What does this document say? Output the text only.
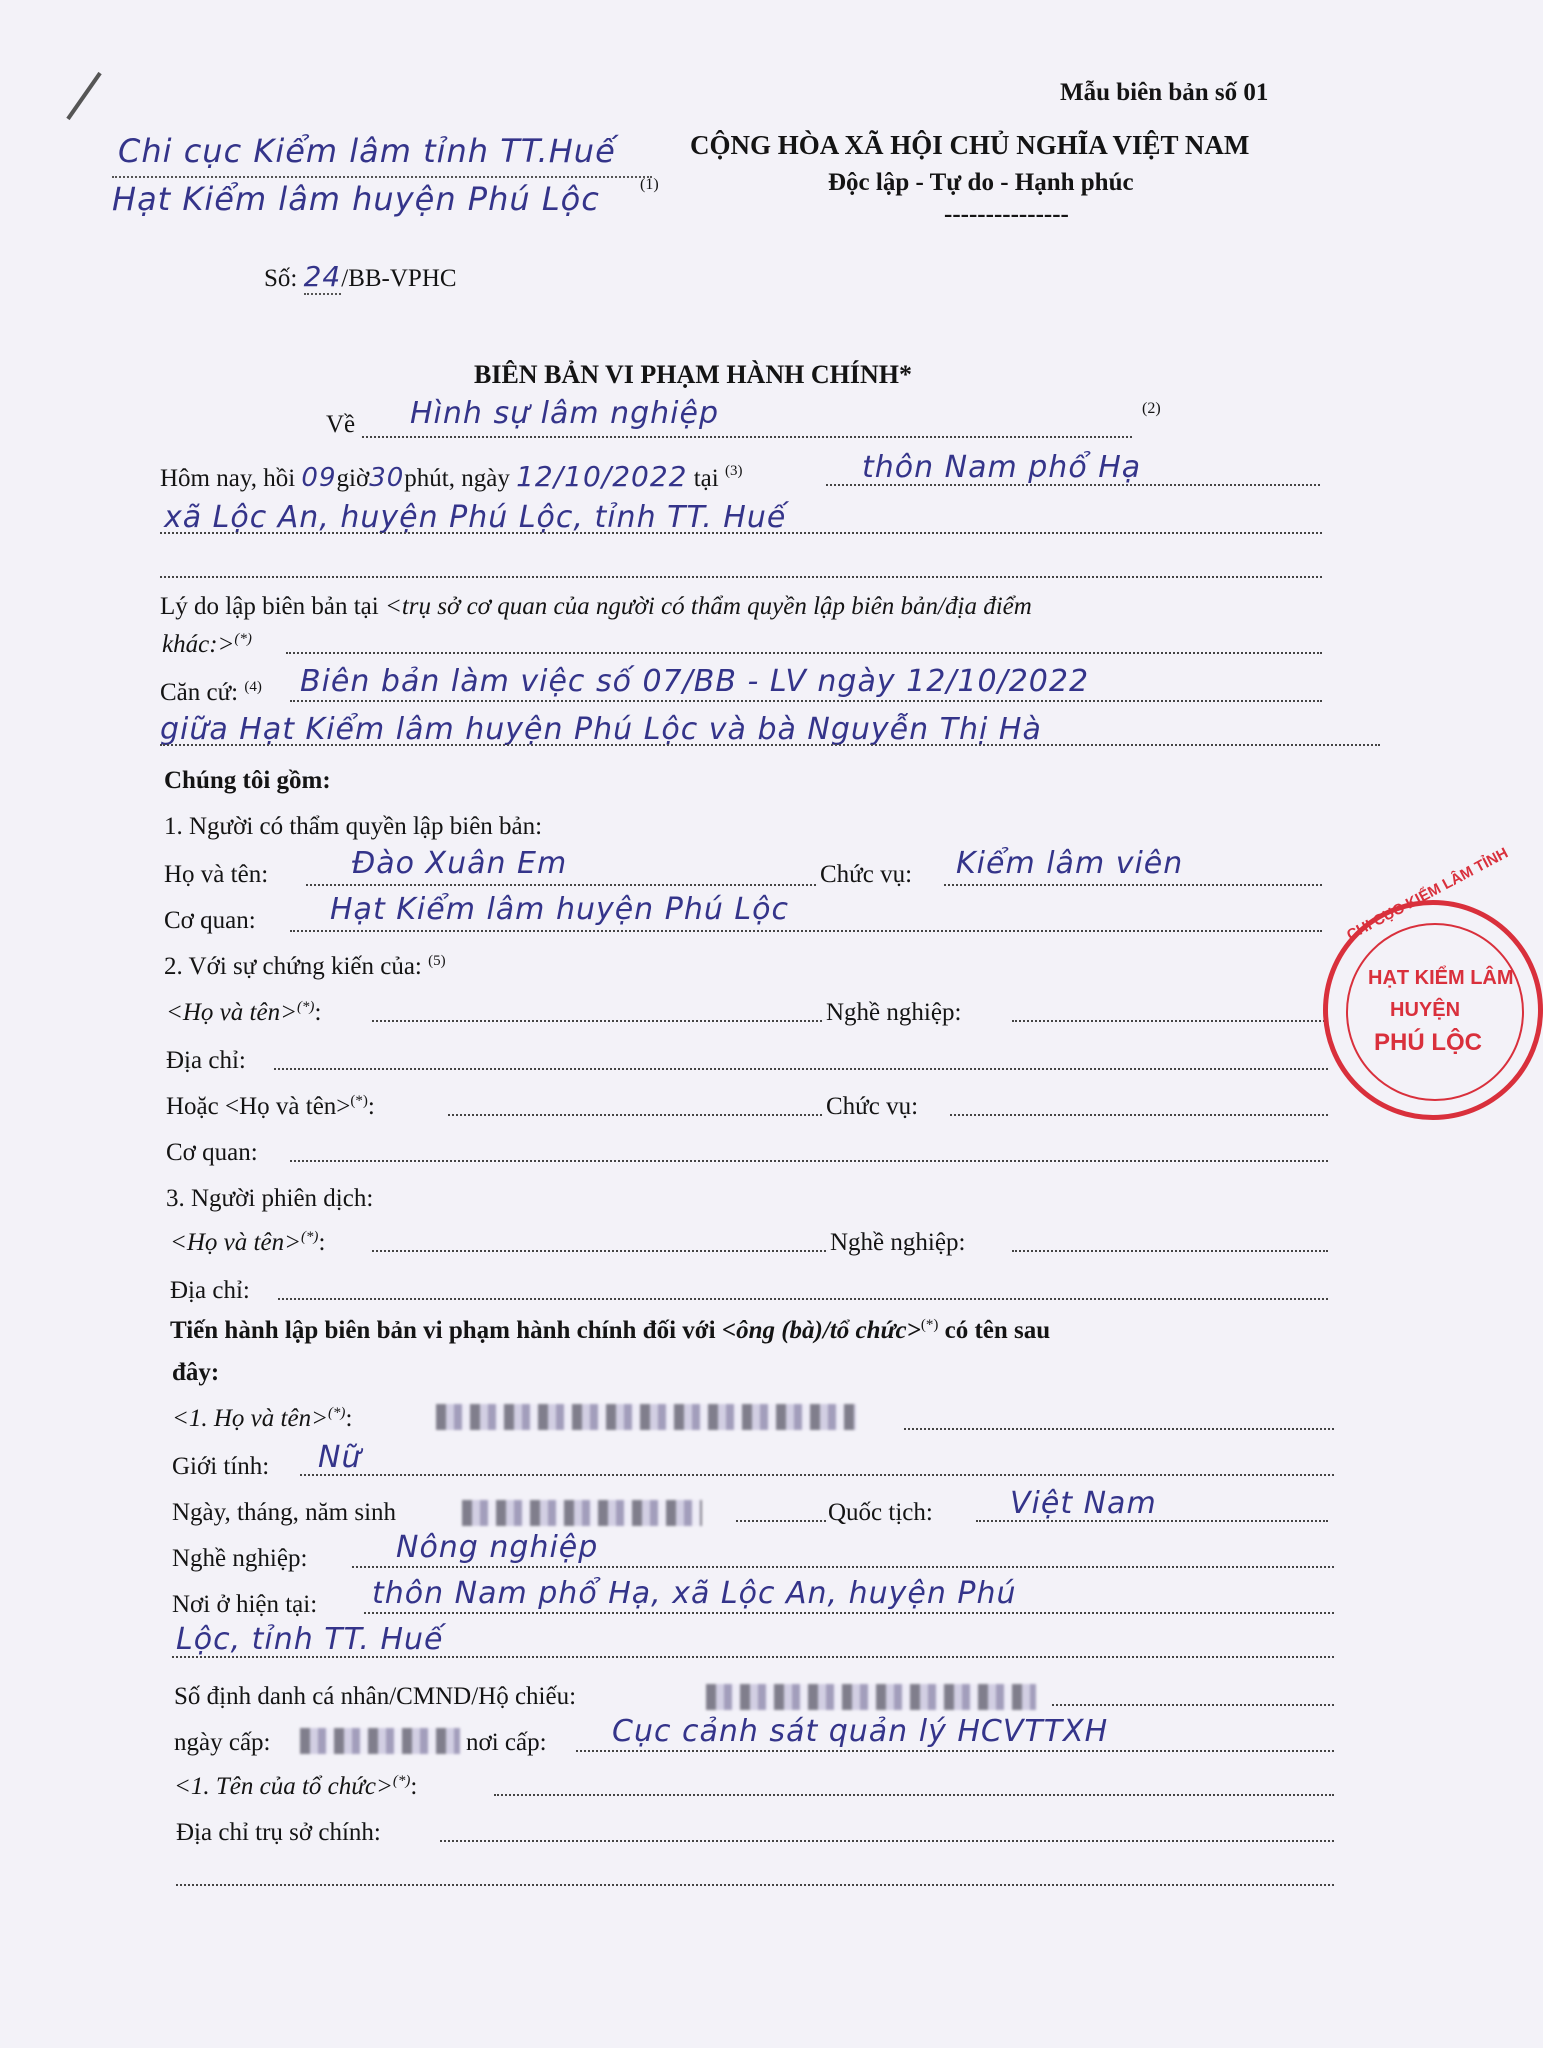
Mẫu biên bản số 01
Chi cục Kiểm lâm tỉnh TT.Huế
Hạt Kiểm lâm huyện Phú Lộc	(1)
CỘNG HÒA XÃ HỘI CHỦ NGHĨA VIỆT NAM
Độc lập - Tự do - Hạnh phúc
---------------
Số: 24/BB-VPHC
BIÊN BẢN VI PHẠM HÀNH CHÍNH*
Về Hình sự lâm nghiệp	(2)
Hôm nay, hồi 09giờ30phút, ngày 12/10/2022 tại $^{(3)}$	thôn Nam phổ Hạ
xã Lộc An, huyện Phú Lộc, tỉnh TT. Huế
Lý do lập biên bản tại <trụ sở cơ quan của người có thẩm quyền lập biên bản/địa điểm
khác:>(*)
Căn cứ: $^{(4)}$ Biên bản làm việc số 07/BB - LV ngày 12/10/2022
giữa Hạt Kiểm lâm huyện Phú Lộc và bà Nguyễn Thị Hà
Chúng tôi gồm:
1. Người có thẩm quyền lập biên bản:
Họ và tên:	Đào Xuân Em	Chức vụ: Kiểm lâm viên
Cơ quan: Hạt Kiểm lâm huyện Phú Lộc
2. Với sự chứng kiến của: $^{(5)}$
<Họ và tên>(*):	Nghề nghiệp:
Địa chỉ:
Hoặc <Họ và tên>(*):	Chức vụ:
Cơ quan:
3. Người phiên dịch:
<Họ và tên>(*):	Nghề nghiệp:
Địa chỉ:
Tiến hành lập biên bản vi phạm hành chính đối với <ông (bà)/tổ chức>(*) có tên sau
đây:
<1. Họ và tên>(*):
Giới tính: Nữ
Ngày, tháng, năm sinh	Quốc tịch:	Việt Nam
Nghề nghiệp:	Nông nghiệp
Nơi ở hiện tại: thôn Nam phổ Hạ, xã Lộc An, huyện Phú
Lộc, tỉnh TT. Huế
Số định danh cá nhân/CMND/Hộ chiếu:
ngày cấp:	nơi cấp: Cục cảnh sát quản lý HCVTTXH
<1. Tên của tổ chức>(*):
Địa chỉ trụ sở chính:
CHI CỤC KIỂM LÂM TỈNH
HẠT KIỂM LÂM
HUYỆN
PHÚ LỘC
